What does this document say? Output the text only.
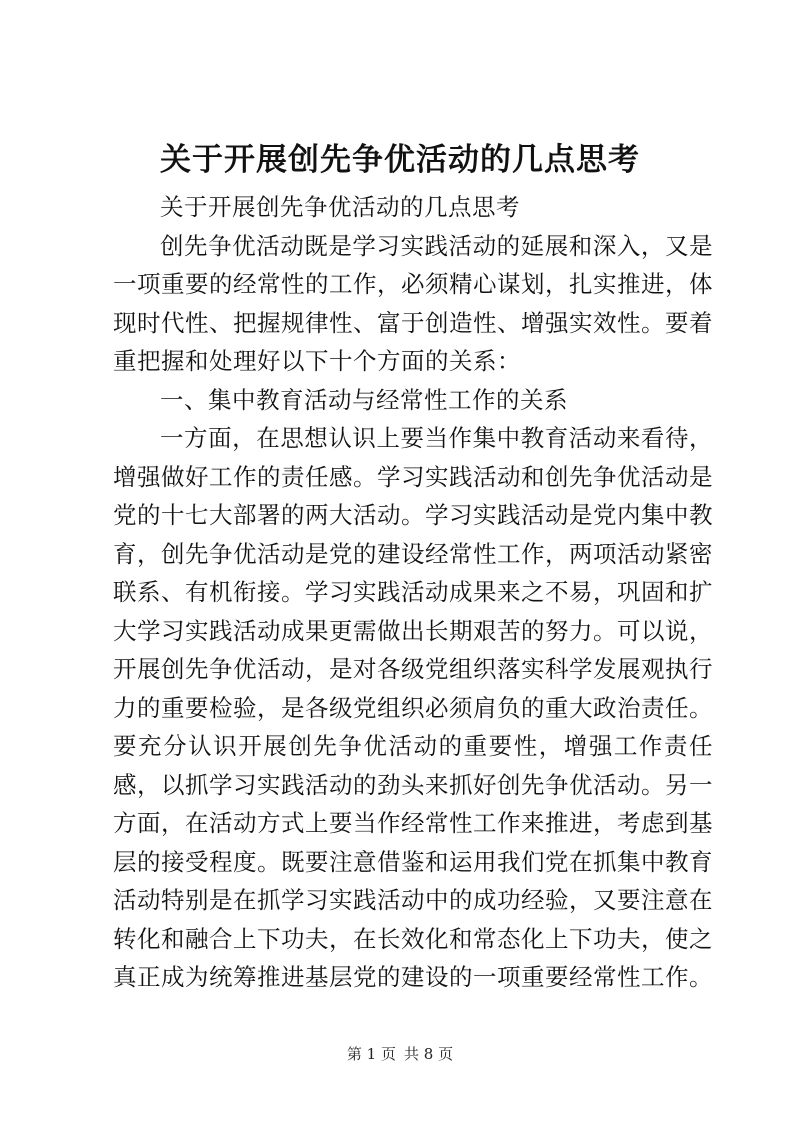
关于开展创先争优活动的几点思考

关于开展创先争优活动的几点思考

创先争优活动既是学习实践活动的延展和深入，又是一项重要的经常性的工作，必须精心谋划，扎实推进，体现时代性、把握规律性、富于创造性、增强实效性。要着重把握和处理好以下十个方面的关系：

一、集中教育活动与经常性工作的关系

一方面，在思想认识上要当作集中教育活动来看待，增强做好工作的责任感。学习实践活动和创先争优活动是党的十七大部署的两大活动。学习实践活动是党内集中教育，创先争优活动是党的建设经常性工作，两项活动紧密联系、有机衔接。学习实践活动成果来之不易，巩固和扩大学习实践活动成果更需做出长期艰苦的努力。可以说，开展创先争优活动，是对各级党组织落实科学发展观执行力的重要检验，是各级党组织必须肩负的重大政治责任。要充分认识开展创先争优活动的重要性，增强工作责任感，以抓学习实践活动的劲头来抓好创先争优活动。另一方面，在活动方式上要当作经常性工作来推进，考虑到基层的接受程度。既要注意借鉴和运用我们党在抓集中教育活动特别是在抓学习实践活动中的成功经验，又要注意在转化和融合上下功夫，在长效化和常态化上下功夫，使之真正成为统筹推进基层党的建设的一项重要经常性工作。

第 1 页 共 8 页
